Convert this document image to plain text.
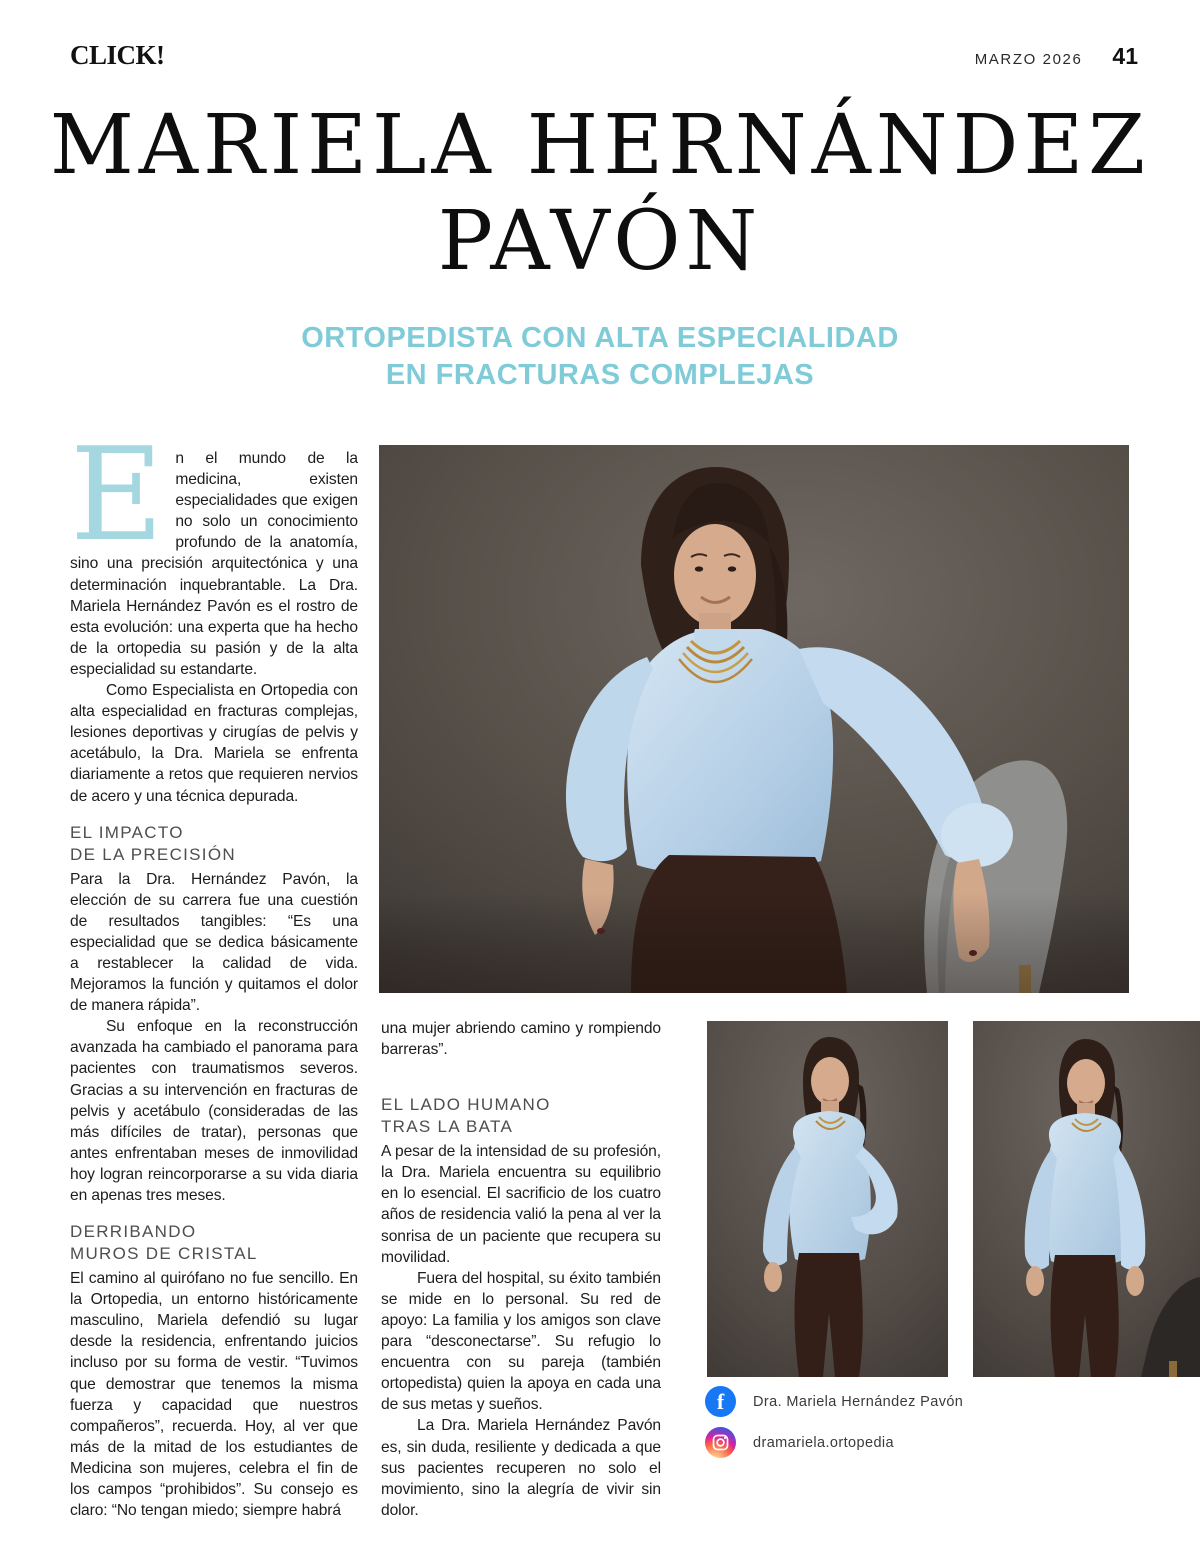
CLICK!	MARZO 2026 41
MARIELA HERNÁNDEZ
PAVÓN
ORTOPEDISTA CON ALTA ESPECIALIDAD
EN FRACTURAS COMPLEJAS

En el mundo de la medicina, existen especialidades que exigen no solo un conocimiento profundo de la anatomía, sino una precisión arquitectónica y una determinación inquebrantable. La Dra. Mariela Hernández Pavón es el rostro de esta evolución: una experta que ha hecho de la ortopedia su pasión y de la alta especialidad su estandarte.

Como Especialista en Ortopedia con alta especialidad en fracturas complejas, lesiones deportivas y cirugías de pelvis y acetábulo, la Dra. Mariela se enfrenta diariamente a retos que requieren nervios de acero y una técnica depurada.

EL IMPACTO
DE LA PRECISIÓN

Para la Dra. Hernández Pavón, la elección de su carrera fue una cuestión de resultados tangibles: “Es una especialidad que se dedica básicamente a restablecer la calidad de vida. Mejoramos la función y quitamos el dolor de manera rápida”.

Su enfoque en la reconstrucción avanzada ha cambiado el panorama para pacientes con traumatismos severos. Gracias a su intervención en fracturas de pelvis y acetábulo (consideradas de las más difíciles de tratar), personas que antes enfrentaban meses de inmovilidad hoy logran reincorporarse a su vida diaria en apenas tres meses.

DERRIBANDO
MUROS DE CRISTAL

El camino al quirófano no fue sencillo. En la Ortopedia, un entorno históricamente masculino, Mariela defendió su lugar desde la residencia, enfrentando juicios incluso por su forma de vestir. “Tuvimos que demostrar que tenemos la misma fuerza y capacidad que nuestros compañeros”, recuerda. Hoy, al ver que más de la mitad de los estudiantes de Medicina son mujeres, celebra el fin de los campos “prohibidos”. Su consejo es claro: “No tengan miedo; siempre habrá

una mujer abriendo camino y rompiendo barreras”.

EL LADO HUMANO
TRAS LA BATA

A pesar de la intensidad de su profesión, la Dra. Mariela encuentra su equilibrio en lo esencial. El sacrificio de los cuatro años de residencia valió la pena al ver la sonrisa de un paciente que recupera su movilidad.

Fuera del hospital, su éxito también se mide en lo personal. Su red de apoyo: La familia y los amigos son clave para “desconectarse”. Su refugio lo encuentra con su pareja (también ortopedista) quien la apoya en cada una de sus metas y sueños.

La Dra. Mariela Hernández Pavón es, sin duda, resiliente y dedicada a que sus pacientes recuperen no solo el movimiento, sino la alegría de vivir sin dolor.

f	Dra. Mariela Hernández Pavón
dramariela.ortopedia
